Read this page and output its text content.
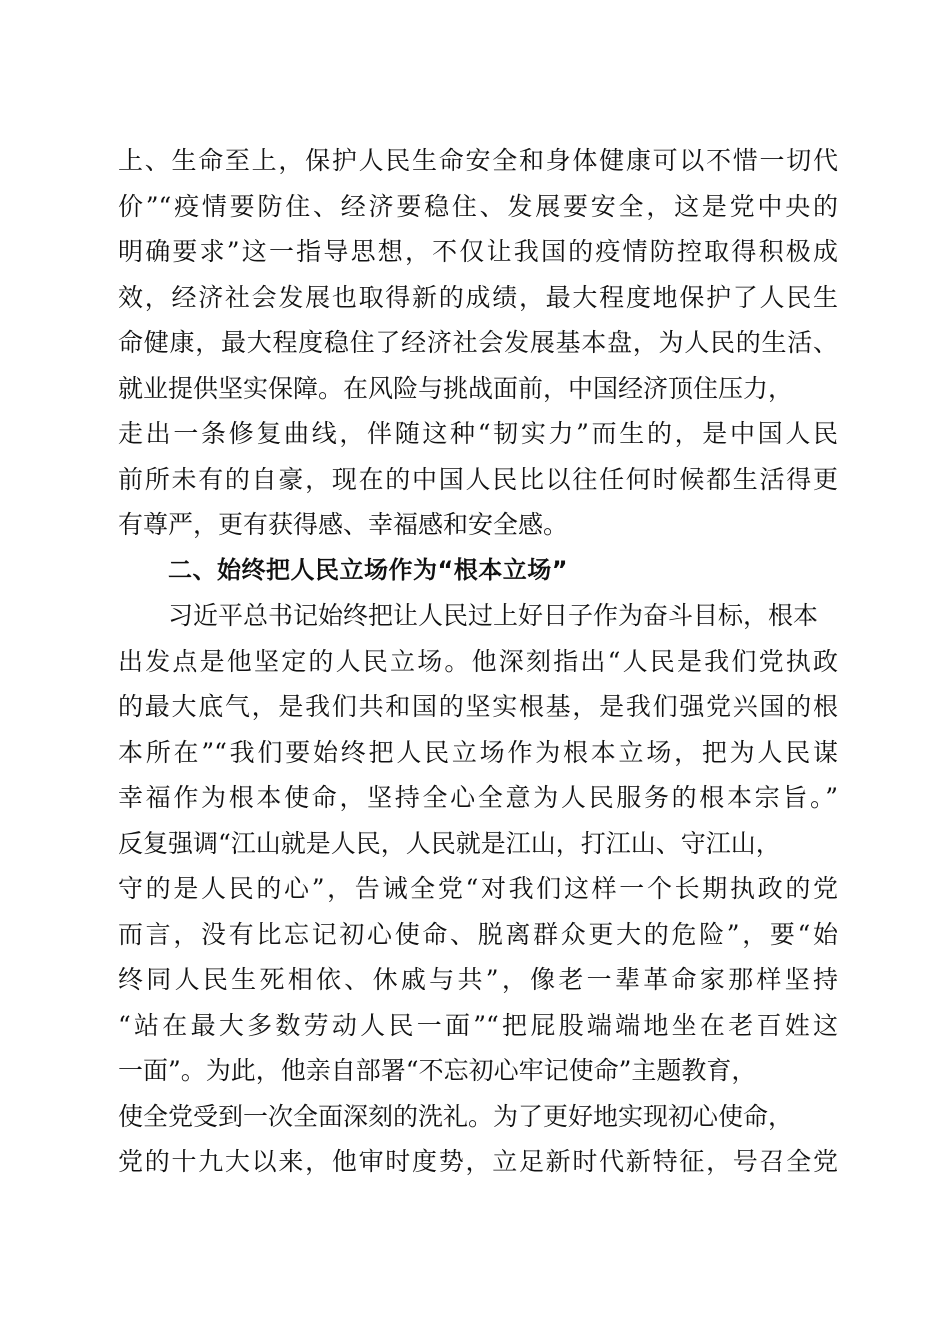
上、生命至上，保护人民生命安全和身体健康可以不惜一切代
价”“疫情要防住、经济要稳住、发展要安全，这是党中央的
明确要求”这一指导思想，不仅让我国的疫情防控取得积极成
效，经济社会发展也取得新的成绩，最大程度地保护了人民生
命健康，最大程度稳住了经济社会发展基本盘，为人民的生活、
就业提供坚实保障。在风险与挑战面前，中国经济顶住压力，
走出一条修复曲线，伴随这种“韧实力”而生的，是中国人民
前所未有的自豪，现在的中国人民比以往任何时候都生活得更
有尊严，更有获得感、幸福感和安全感。
二、始终把人民立场作为“根本立场”
习近平总书记始终把让人民过上好日子作为奋斗目标，根本
出发点是他坚定的人民立场。他深刻指出“人民是我们党执政
的最大底气，是我们共和国的坚实根基，是我们强党兴国的根
本所在”“我们要始终把人民立场作为根本立场，把为人民谋
幸福作为根本使命，坚持全心全意为人民服务的根本宗旨。”
反复强调“江山就是人民，人民就是江山，打江山、守江山，
守的是人民的心”，告诫全党“对我们这样一个长期执政的党
而言，没有比忘记初心使命、脱离群众更大的危险”，要“始
终同人民生死相依、休戚与共”，像老一辈革命家那样坚持
“站在最大多数劳动人民一面”“把屁股端端地坐在老百姓这
一面”。为此，他亲自部署“不忘初心牢记使命”主题教育，
使全党受到一次全面深刻的洗礼。为了更好地实现初心使命，
党的十九大以来，他审时度势，立足新时代新特征，号召全党
